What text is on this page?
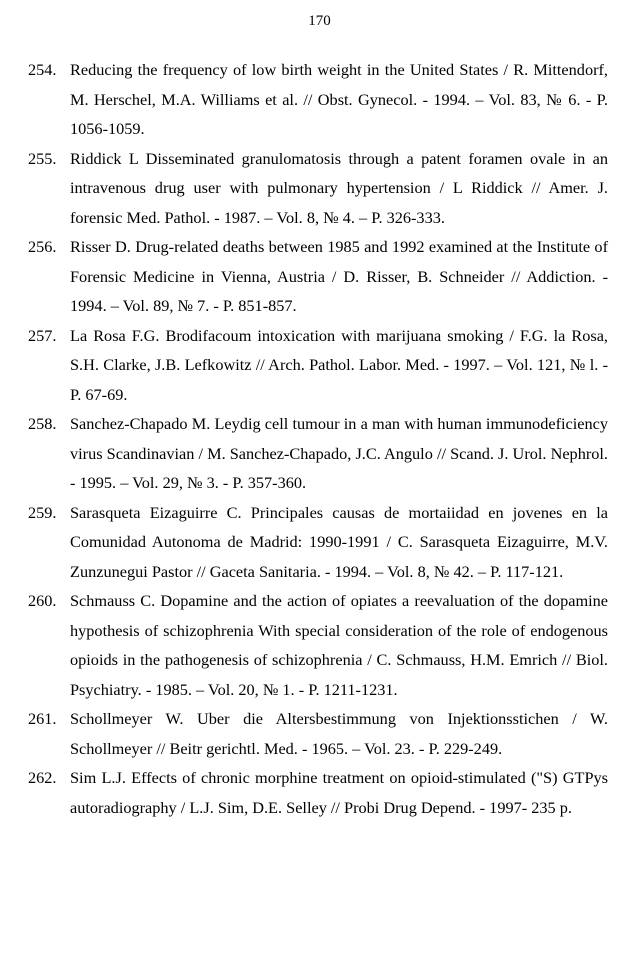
170
254. Reducing the frequency of low birth weight in the United States / R. Mittendorf, M. Herschel, M.A. Williams et al. // Obst. Gynecol. - 1994. – Vol. 83, № 6. - P. 1056-1059.
255. Riddick L Disseminated granulomatosis through a patent foramen ovale in an intravenous drug user with pulmonary hypertension / L Riddick // Amer. J. forensic Med. Pathol. - 1987. – Vol. 8, № 4. – P. 326-333.
256. Risser D. Drug-related deaths between 1985 and 1992 examined at the Institute of Forensic Medicine in Vienna, Austria / D. Risser, B. Schneider // Addiction. - 1994. – Vol. 89, № 7. - P. 851-857.
257. La Rosa F.G. Brodifacoum intoxication with marijuana smoking / F.G. la Rosa, S.H. Clarke, J.B. Lefkowitz // Arch. Pathol. Labor. Med. - 1997. – Vol. 121, № l. - P. 67-69.
258. Sanchez-Chapado M. Leydig cell tumour in a man with human immunodeficiency virus Scandinavian / M. Sanchez-Chapado, J.C. Angulo // Scand. J. Urol. Nephrol. - 1995. – Vol. 29, № 3. - P. 357-360.
259. Sarasqueta Eizaguirre C. Principales causas de mortaiidad en jovenes en la Comunidad Autonoma de Madrid: 1990-1991 / C. Sarasqueta Eizaguirre, M.V. Zunzunegui Pastor // Gaceta Sanitaria. - 1994. – Vol. 8, № 42. – P. 117-121.
260. Schmauss C. Dopamine and the action of opiates a reevaluation of the dopamine hypothesis of schizophrenia With special consideration of the role of endogenous opioids in the pathogenesis of schizophrenia / C. Schmauss, H.M. Emrich // Biol. Psychiatry. - 1985. – Vol. 20, № 1. - P. 1211-1231.
261. Schollmeyer W. Uber die Altersbestimmung von Injektionsstichen / W. Schollmeyer // Beitr gerichtl. Med. - 1965. – Vol. 23. - P. 229-249.
262. Sim L.J. Effects of chronic morphine treatment on opioid-stimulated ("S) GTPys autoradiography / L.J. Sim, D.E. Selley // Probi Drug Depend. - 1997- 235 p.
